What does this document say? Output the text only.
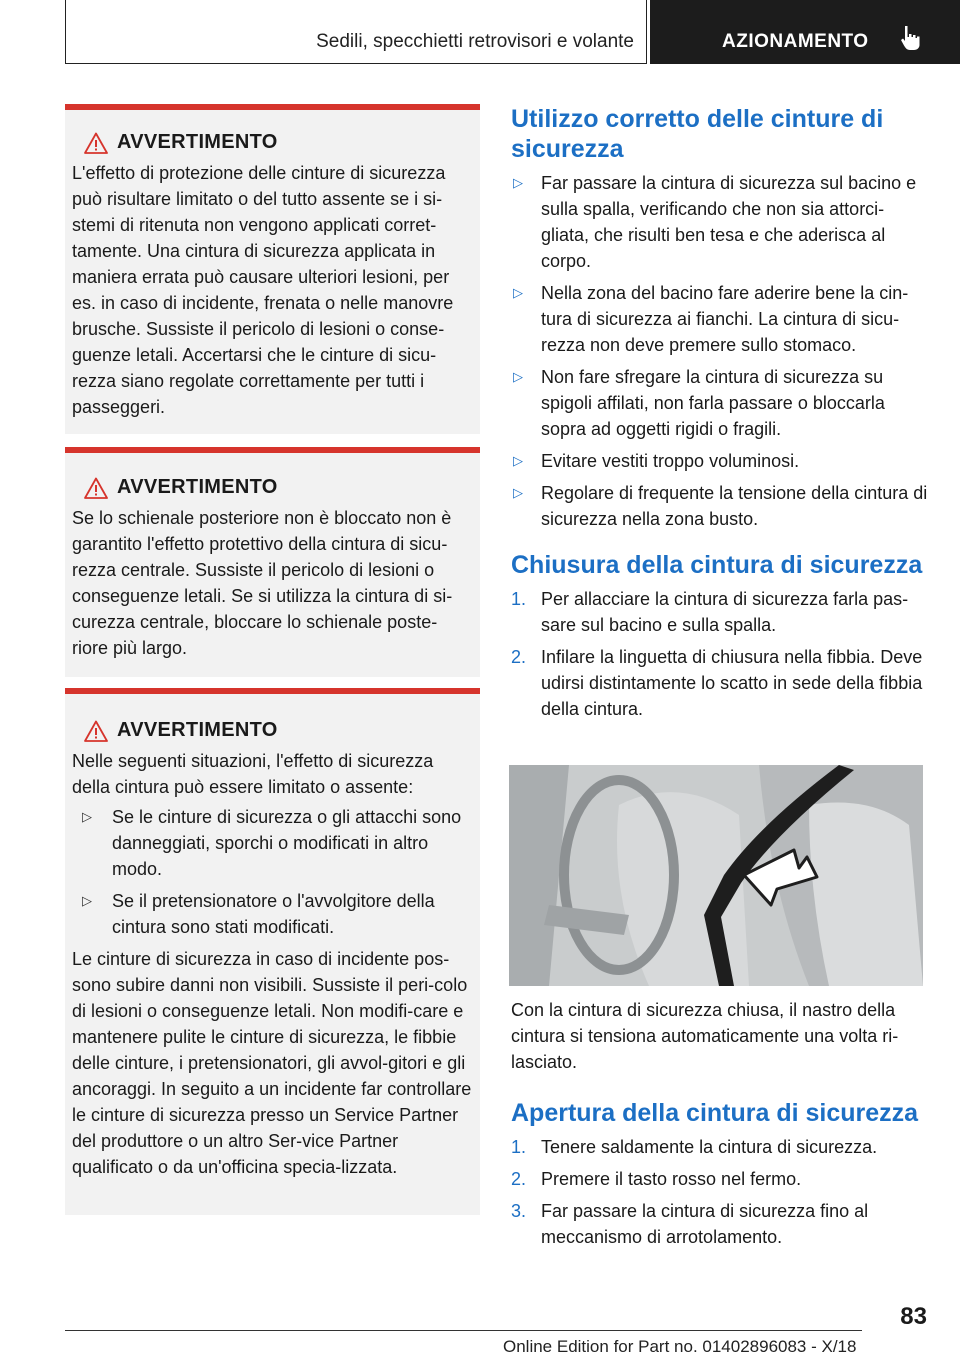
Sedili, specchietti retrovisori e volante	AZIONAMENTO
AVVERTIMENTO

L'effetto di protezione delle cinture di sicurezza può risultare limitato o del tutto assente se i si-stemi di ritenuta non vengono applicati corret-tamente. Una cintura di sicurezza applicata in maniera errata può causare ulteriori lesioni, per es. in caso di incidente, frenata o nelle manovre brusche. Sussiste il pericolo di lesioni o conse-guenze letali. Accertarsi che le cinture di sicu-rezza siano regolate correttamente per tutti i passeggeri.

AVVERTIMENTO

Se lo schienale posteriore non è bloccato non è garantito l'effetto protettivo della cintura di sicu-rezza centrale. Sussiste il pericolo di lesioni o conseguenze letali. Se si utilizza la cintura di si-curezza centrale, bloccare lo schienale poste-riore più largo.

AVVERTIMENTO

Nelle seguenti situazioni, l'effetto di sicurezza della cintura può essere limitato o assente:

▷ Se le cinture di sicurezza o gli attacchi sono danneggiati, sporchi o modificati in altro modo.
▷ Se il pretensionatore o l'avvolgitore della cintura sono stati modificati.

Le cinture di sicurezza in caso di incidente pos-sono subire danni non visibili. Sussiste il peri-colo di lesioni o conseguenze letali. Non modifi-care e mantenere pulite le cinture di sicurezza, le fibbie delle cinture, i pretensionatori, gli avvol-gitori e gli ancoraggi. In seguito a un incidente far controllare le cinture di sicurezza presso un Service Partner del produttore o un altro Ser-vice Partner qualificato o da un'officina specia-lizzata.

Utilizzo corretto delle cinture di sicurezza
▷ Far passare la cintura di sicurezza sul bacino e sulla spalla, verificando che non sia attorci-gliata, che risulti ben tesa e che aderisca al corpo.
▷ Nella zona del bacino fare aderire bene la cin-tura di sicurezza ai fianchi. La cintura di sicu-rezza non deve premere sullo stomaco.
▷ Non fare sfregare la cintura di sicurezza su spigoli affilati, non farla passare o bloccarla sopra ad oggetti rigidi o fragili.
▷ Evitare vestiti troppo voluminosi.
▷ Regolare di frequente la tensione della cintura di sicurezza nella zona busto.
Chiusura della cintura di sicurezza
1. Per allacciare la cintura di sicurezza farla pas-sare sul bacino e sulla spalla.
2. Infilare la linguetta di chiusura nella fibbia. Deve udirsi distintamente lo scatto in sede della fibbia della cintura.

Con la cintura di sicurezza chiusa, il nastro della cintura si tensiona automaticamente una volta ri-lasciato.

Apertura della cintura di sicurezza
1. Tenere saldamente la cintura di sicurezza.
2. Premere il tasto rosso nel fermo.
3. Far passare la cintura di sicurezza fino al meccanismo di arrotolamento.
83
Online Edition for Part no. 01402896083 - X/18
